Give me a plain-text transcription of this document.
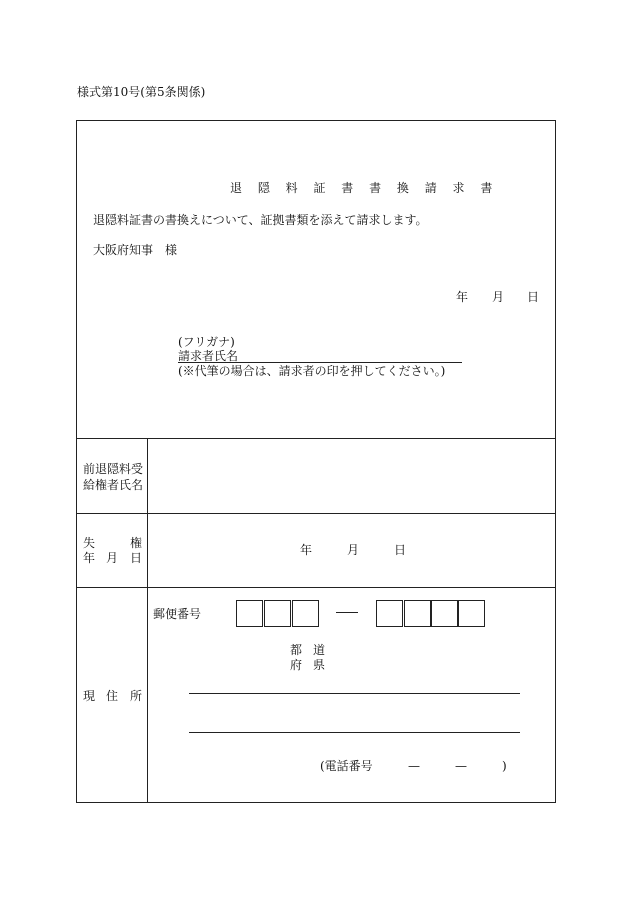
様式第10号(第5条関係)
退 隠 料 証 書 書 換 請 求 書
退隠料証書の書換えについて、証拠書類を添えて請求します。
大阪府知事　様
年 月 日
(フリガナ)
請求者氏名
(※代筆の場合は、請求者の印を押してください。)
前退隠料受
給権者氏名
失	権
年 月 日
年	月	日
現 住 所
郵便番号
都 道
府 県
(電話番号	—	—	)
